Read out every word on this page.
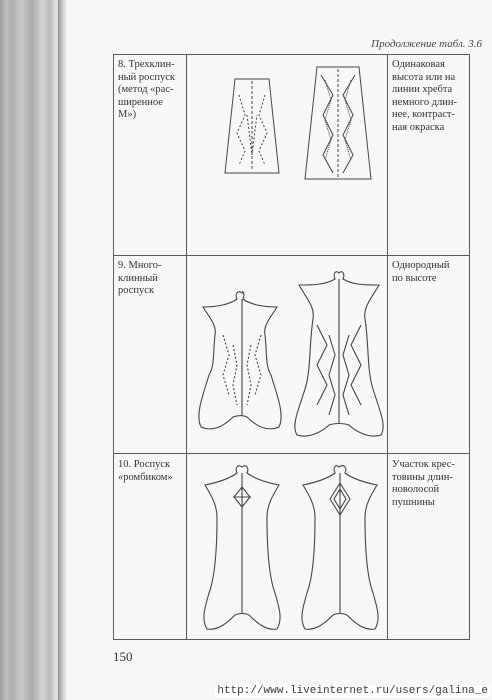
Продолжение табл. 3.6
8. Трехклин-
ный роспуск
(метод «рас-
ширенное
М»)
Одинаковая
высота или на
линии хребта
немного длин-
нее, контраст-
ная окраска
9. Много-
клинный
роспуск
Однородный
по высоте
10. Роспуск
«ромбиком»
Участок крес-
товины длин-
новолосой
пушнины
150
http://www.liveinternet.ru/users/galina_e
